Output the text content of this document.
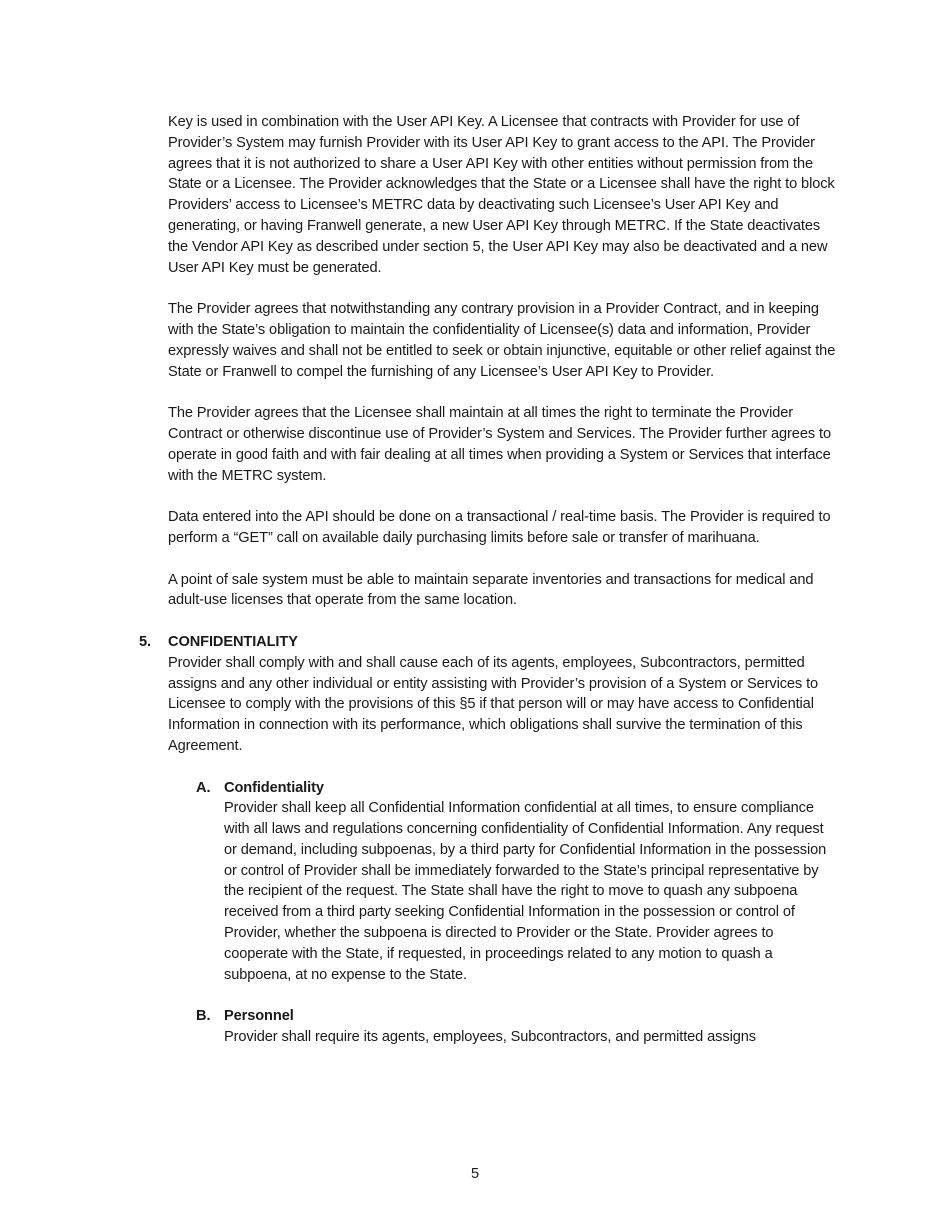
Key is used in combination with the User API Key. A Licensee that contracts with Provider for use of Provider’s System may furnish Provider with its User API Key to grant access to the API. The Provider agrees that it is not authorized to share a User API Key with other entities without permission from the State or a Licensee. The Provider acknowledges that the State or a Licensee shall have the right to block Providers’ access to Licensee’s METRC data by deactivating such Licensee’s User API Key and generating, or having Franwell generate, a new User API Key through METRC. If the State deactivates the Vendor API Key as described under section 5, the User API Key may also be deactivated and a new User API Key must be generated.

The Provider agrees that notwithstanding any contrary provision in a Provider Contract, and in keeping with the State’s obligation to maintain the confidentiality of Licensee(s) data and information, Provider expressly waives and shall not be entitled to seek or obtain injunctive, equitable or other relief against the State or Franwell to compel the furnishing of any Licensee’s User API Key to Provider.

The Provider agrees that the Licensee shall maintain at all times the right to terminate the Provider Contract or otherwise discontinue use of Provider’s System and Services. The Provider further agrees to operate in good faith and with fair dealing at all times when providing a System or Services that interface with the METRC system.

Data entered into the API should be done on a transactional / real-time basis. The Provider is required to perform a “GET” call on available daily purchasing limits before sale or transfer of marihuana.

A point of sale system must be able to maintain separate inventories and transactions for medical and adult-use licenses that operate from the same location.

5. CONFIDENTIALITY

Provider shall comply with and shall cause each of its agents, employees, Subcontractors, permitted assigns and any other individual or entity assisting with Provider’s provision of a System or Services to Licensee to comply with the provisions of this §5 if that person will or may have access to Confidential Information in connection with its performance, which obligations shall survive the termination of this Agreement.

A. Confidentiality

Provider shall keep all Confidential Information confidential at all times, to ensure compliance with all laws and regulations concerning confidentiality of Confidential Information. Any request or demand, including subpoenas, by a third party for Confidential Information in the possession or control of Provider shall be immediately forwarded to the State’s principal representative by the recipient of the request. The State shall have the right to move to quash any subpoena received from a third party seeking Confidential Information in the possession or control of Provider, whether the subpoena is directed to Provider or the State. Provider agrees to cooperate with the State, if requested, in proceedings related to any motion to quash a subpoena, at no expense to the State.

B. Personnel

Provider shall require its agents, employees, Subcontractors, and permitted assigns

5
